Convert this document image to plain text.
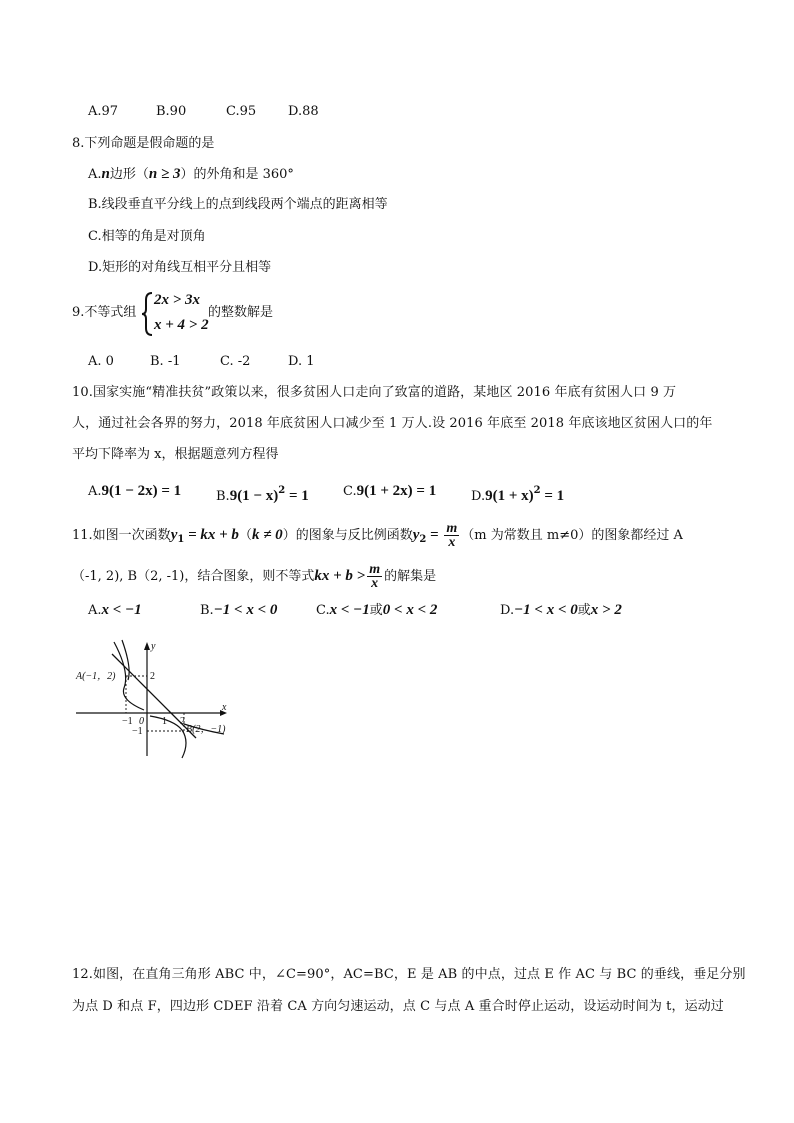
A.97	B.90	C.95 D.88
8.下列命题是假命题的是
A.n边形（n ≥ 3）的外角和是 360°
B.线段垂直平分线上的点到线段两个端点的距离相等
C.相等的角是对顶角
D.矩形的对角线互相平分且相等
9.不等式组
2x > 3x
x + 4 > 2
的整数解是
A. 0	B. -1	C. -2	D. 1
10.国家实施“精准扶贫”政策以来，很多贫困人口走向了致富的道路，某地区 2016 年底有贫困人口 9 万
人，通过社会各界的努力，2018 年底贫困人口减少至 1 万人.设 2016 年底至 2018 年底该地区贫困人口的年
平均下降率为 x，根据题意列方程得
A.9(1 − 2x) = 1	$B.9(1 - x)^2 = 1$	C.9(1 + 2x) = 1	$D.9(1 + x)^2 = 1$
11.如图一次函数$y_1$ = kx + b（k ≠ 0）的图象与反比例函数$y_2 = \frac{m}{x} (m$ 为常数且 m≠0）的图象都经过 A
（-1, 2), B（2, -1)，结合图象，则不等式kx + $b > \frac{m}{x}$ 的解集是
A.x < −1	B.−1 < x < 0	C.x < −1或0 < x < 2	D.−1 < x < 0或x > 2
A(−1，2)
B(2，−1)
2
−1
−1 0 1 2
x
y
12.如图，在直角三角形 ABC 中，∠C=90°，AC=BC，E 是 AB 的中点，过点 E 作 AC 与 BC 的垂线，垂足分别
为点 D 和点 F，四边形 CDEF 沿着 CA 方向匀速运动，点 C 与点 A 重合时停止运动，设运动时间为 t，运动过
